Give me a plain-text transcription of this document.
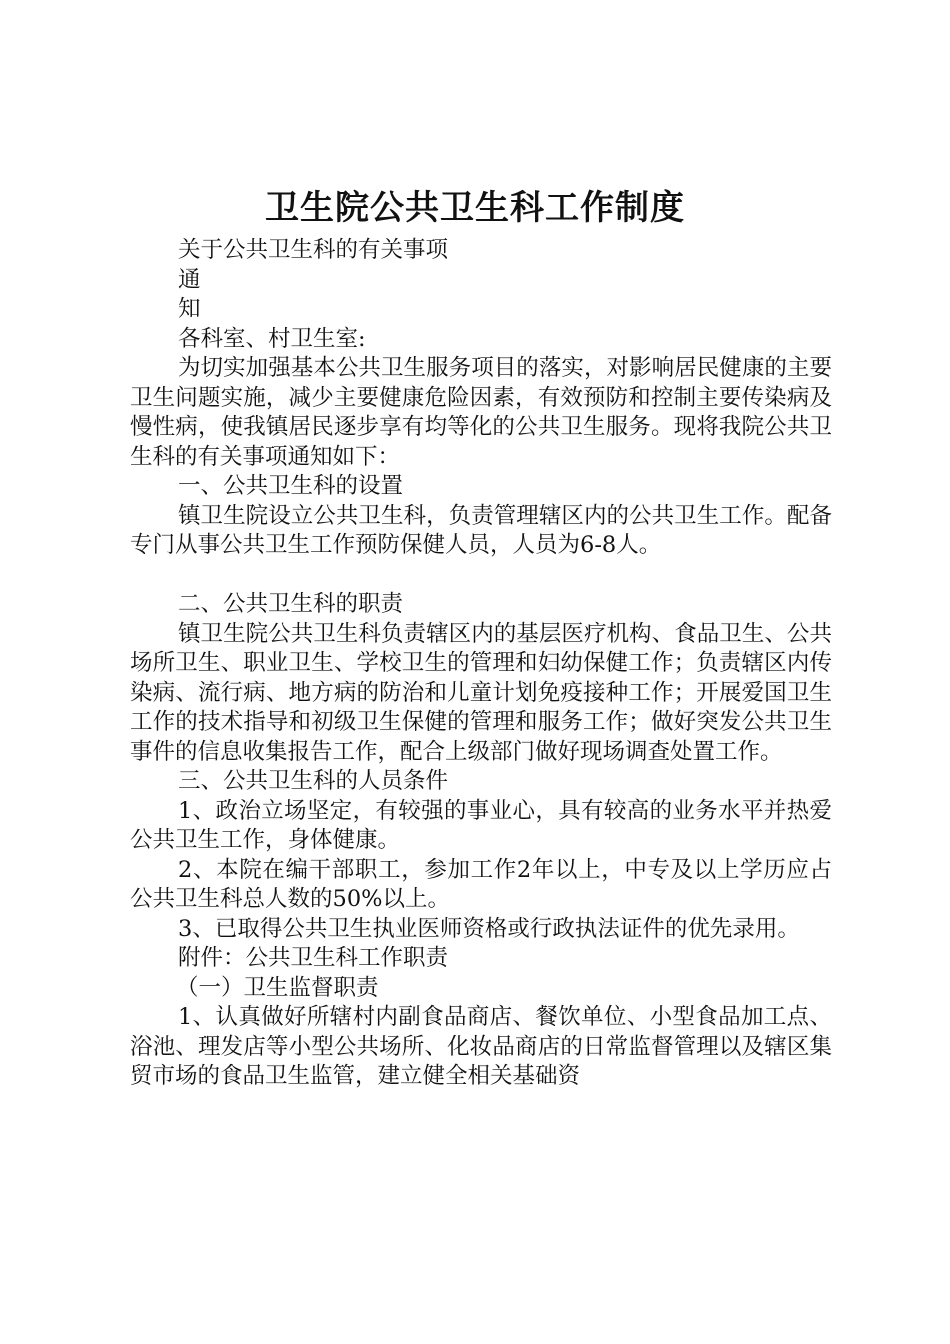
卫生院公共卫生科工作制度

关于公共卫生科的有关事项

通

知

各科室、村卫生室:

为切实加强基本公共卫生服务项目的落实，对影响居民健康的主要卫生问题实施，减少主要健康危险因素，有效预防和控制主要传染病及慢性病，使我镇居民逐步享有均等化的公共卫生服务。现将我院公共卫生科的有关事项通知如下：

一、公共卫生科的设置

镇卫生院设立公共卫生科，负责管理辖区内的公共卫生工作。配备专门从事公共卫生工作预防保健人员，人员为6-8人。

二、公共卫生科的职责

镇卫生院公共卫生科负责辖区内的基层医疗机构、食品卫生、公共场所卫生、职业卫生、学校卫生的管理和妇幼保健工作；负责辖区内传染病、流行病、地方病的防治和儿童计划免疫接种工作；开展爱国卫生工作的技术指导和初级卫生保健的管理和服务工作；做好突发公共卫生事件的信息收集报告工作，配合上级部门做好现场调查处置工作。

三、公共卫生科的人员条件

1、政治立场坚定，有较强的事业心，具有较高的业务水平并热爱公共卫生工作，身体健康。

2、本院在编干部职工，参加工作2年以上，中专及以上学历应占公共卫生科总人数的50%以上。

3、已取得公共卫生执业医师资格或行政执法证件的优先录用。

附件：公共卫生科工作职责

（一）卫生监督职责

1、认真做好所辖村内副食品商店、餐饮单位、小型食品加工点、浴池、理发店等小型公共场所、化妆品商店的日常监督管理以及辖区集贸市场的食品卫生监管，建立健全相关基础资
